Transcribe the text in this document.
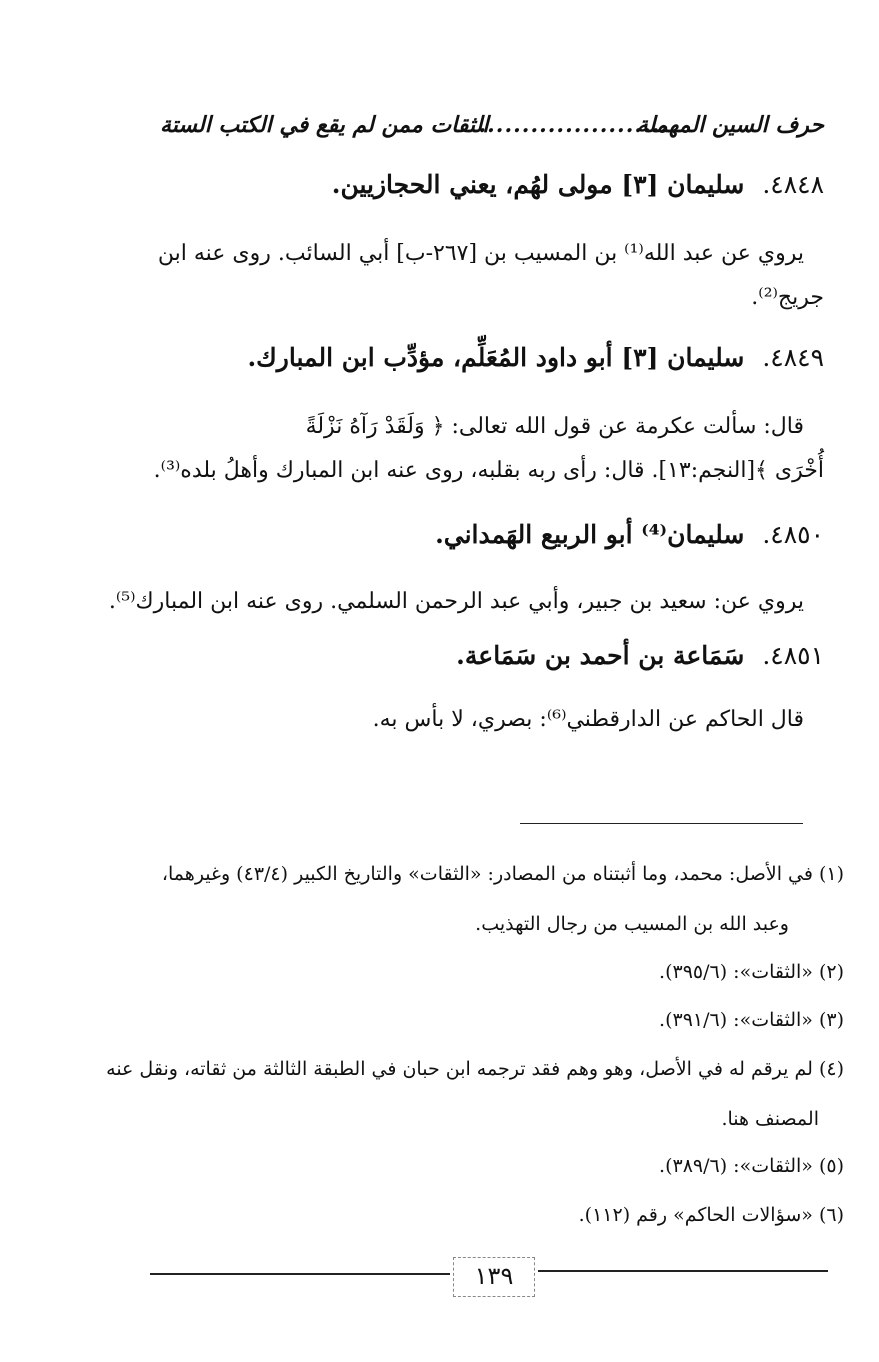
حرف السين المهملة
......................
الثقات ممن لم يقع في الكتب الستة
٤٨٤٨.سليمان [٣] مولى لهُم، يعني الحجازيين.
يروي عن عبد الله⁽¹⁾ بن المسيب بن [٢٦٧-ب] أبي السائب. روى عنه ابن
جريج⁽²⁾.
٤٨٤٩.سليمان [٣] أبو داود المُعَلِّم، مؤدِّب ابن المبارك.
قال: سألت عكرمة عن قول الله تعالى: ﴿ وَلَقَدْ رَآهُ نَزْلَةً
أُخْرَى ﴾[النجم:١٣]. قال: رأى ربه بقلبه، روى عنه ابن المبارك وأهلُ بلده⁽³⁾.
٤٨٥٠.سليمان⁽⁴⁾ أبو الربيع الهَمداني.
يروي عن: سعيد بن جبير، وأبي عبد الرحمن السلمي. روى عنه ابن المبارك⁽⁵⁾.
٤٨٥١.سَمَاعة بن أحمد بن سَمَاعة.
قال الحاكم عن الدارقطني⁽⁶⁾: بصري، لا بأس به.
(١)في الأصل: محمد، وما أثبتناه من المصادر: «الثقات» والتاريخ الكبير (٤٣/٤) وغيرهما،
وعبد الله بن المسيب من رجال التهذيب.
(٢)«الثقات»: (٣٩٥/٦).
(٣)«الثقات»: (٣٩١/٦).
(٤)لم يرقم له في الأصل، وهو وهم فقد ترجمه ابن حبان في الطبقة الثالثة من ثقاته، ونقل عنه
المصنف هنا.
(٥)«الثقات»: (٣٨٩/٦).
(٦)«سؤالات الحاكم» رقم (١١٢).
١٣٩
